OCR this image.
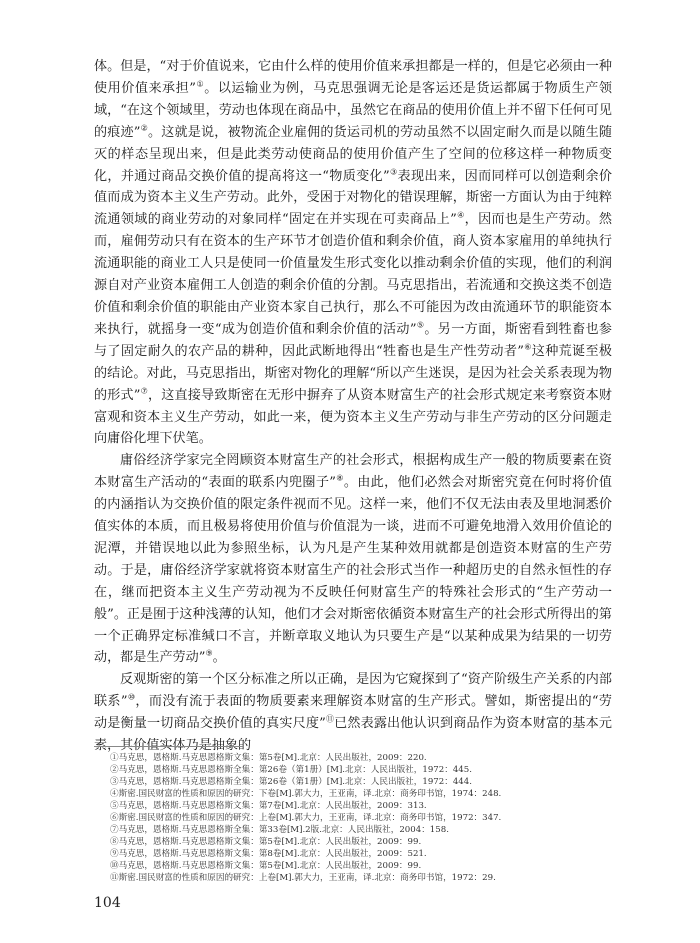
体。但是，“对于价值说来，它由什么样的使用价值来承担都是一样的，但是它必须由一种使用价值来承担”①。以运输业为例，马克思强调无论是客运还是货运都属于物质生产领域，“在这个领域里，劳动也体现在商品中，虽然它在商品的使用价值上并不留下任何可见的痕迹”②。这就是说，被物流企业雇佣的货运司机的劳动虽然不以固定耐久而是以随生随灭的样态呈现出来，但是此类劳动使商品的使用价值产生了空间的位移这样一种物质变化，并通过商品交换价值的提高将这一“物质变化”③表现出来，因而同样可以创造剩余价值而成为资本主义生产劳动。此外，受困于对物化的错误理解，斯密一方面认为由于纯粹流通领域的商业劳动的对象同样“固定在并实现在可卖商品上”④，因而也是生产劳动。然而，雇佣劳动只有在资本的生产环节才创造价值和剩余价值，商人资本家雇用的单纯执行流通职能的商业工人只是使同一价值量发生形式变化以推动剩余价值的实现，他们的利润源自对产业资本雇佣工人创造的剩余价值的分割。马克思指出，若流通和交换这类不创造价值和剩余价值的职能由产业资本家自己执行，那么不可能因为改由流通环节的职能资本来执行，就摇身一变“成为创造价值和剩余价值的活动”⑤。另一方面，斯密看到牲畜也参与了固定耐久的农产品的耕种，因此武断地得出“牲畜也是生产性劳动者”⑥这种荒诞至极的结论。对此，马克思指出，斯密对物化的理解“所以产生迷误，是因为社会关系表现为物的形式”⑦，这直接导致斯密在无形中摒弃了从资本财富生产的社会形式规定来考察资本财富观和资本主义生产劳动，如此一来，便为资本主义生产劳动与非生产劳动的区分问题走向庸俗化埋下伏笔。

庸俗经济学家完全罔顾资本财富生产的社会形式，根据构成生产一般的物质要素在资本财富生产活动的“表面的联系内兜圈子”⑧。由此，他们必然会对斯密究竟在何时将价值的内涵指认为交换价值的限定条件视而不见。这样一来，他们不仅无法由表及里地洞悉价值实体的本质，而且极易将使用价值与价值混为一谈，进而不可避免地滑入效用价值论的泥潭，并错误地以此为参照坐标，认为凡是产生某种效用就都是创造资本财富的生产劳动。于是，庸俗经济学家就将资本财富生产的社会形式当作一种超历史的自然永恒性的存在，继而把资本主义生产劳动视为不反映任何财富生产的特殊社会形式的“生产劳动一般”。正是囿于这种浅薄的认知，他们才会对斯密依循资本财富生产的社会形式所得出的第一个正确界定标准缄口不言，并断章取义地认为只要生产是“以某种成果为结果的一切劳动，都是生产劳动”⑨。

反观斯密的第一个区分标准之所以正确，是因为它窥探到了“资产阶级生产关系的内部联系”⑩，而没有流于表面的物质要素来理解资本财富的生产形式。譬如，斯密提出的“劳动是衡量一切商品交换价值的真实尺度”⑪已然表露出他认识到商品作为资本财富的基本元素，其价值实体乃是抽象的

①马克思，恩格斯.马克思恩格斯文集：第5卷[M].北京：人民出版社，2009：220.
②马克思，恩格斯.马克思恩格斯全集：第26卷（第1册）[M].北京：人民出版社，1972：445.
③马克思，恩格斯.马克思恩格斯全集：第26卷（第1册）[M].北京：人民出版社，1972：444.
④斯密.国民财富的性质和原因的研究：下卷[M].郭大力，王亚南，译.北京：商务印书馆，1974：248.
⑤马克思，恩格斯.马克思恩格斯文集：第7卷[M].北京：人民出版社，2009：313.
⑥斯密.国民财富的性质和原因的研究：上卷[M].郭大力，王亚南，译.北京：商务印书馆，1972：347.
⑦马克思，恩格斯.马克思恩格斯全集：第33卷[M].2版.北京：人民出版社，2004：158.
⑧马克思，恩格斯.马克思恩格斯文集：第5卷[M].北京：人民出版社，2009：99.
⑨马克思，恩格斯.马克思恩格斯文集：第8卷[M].北京：人民出版社，2009：521.
⑩马克思，恩格斯.马克思恩格斯文集：第5卷[M].北京：人民出版社，2009：99.
⑪斯密.国民财富的性质和原因的研究：上卷[M].郭大力，王亚南，译.北京：商务印书馆，1972：29.
104
